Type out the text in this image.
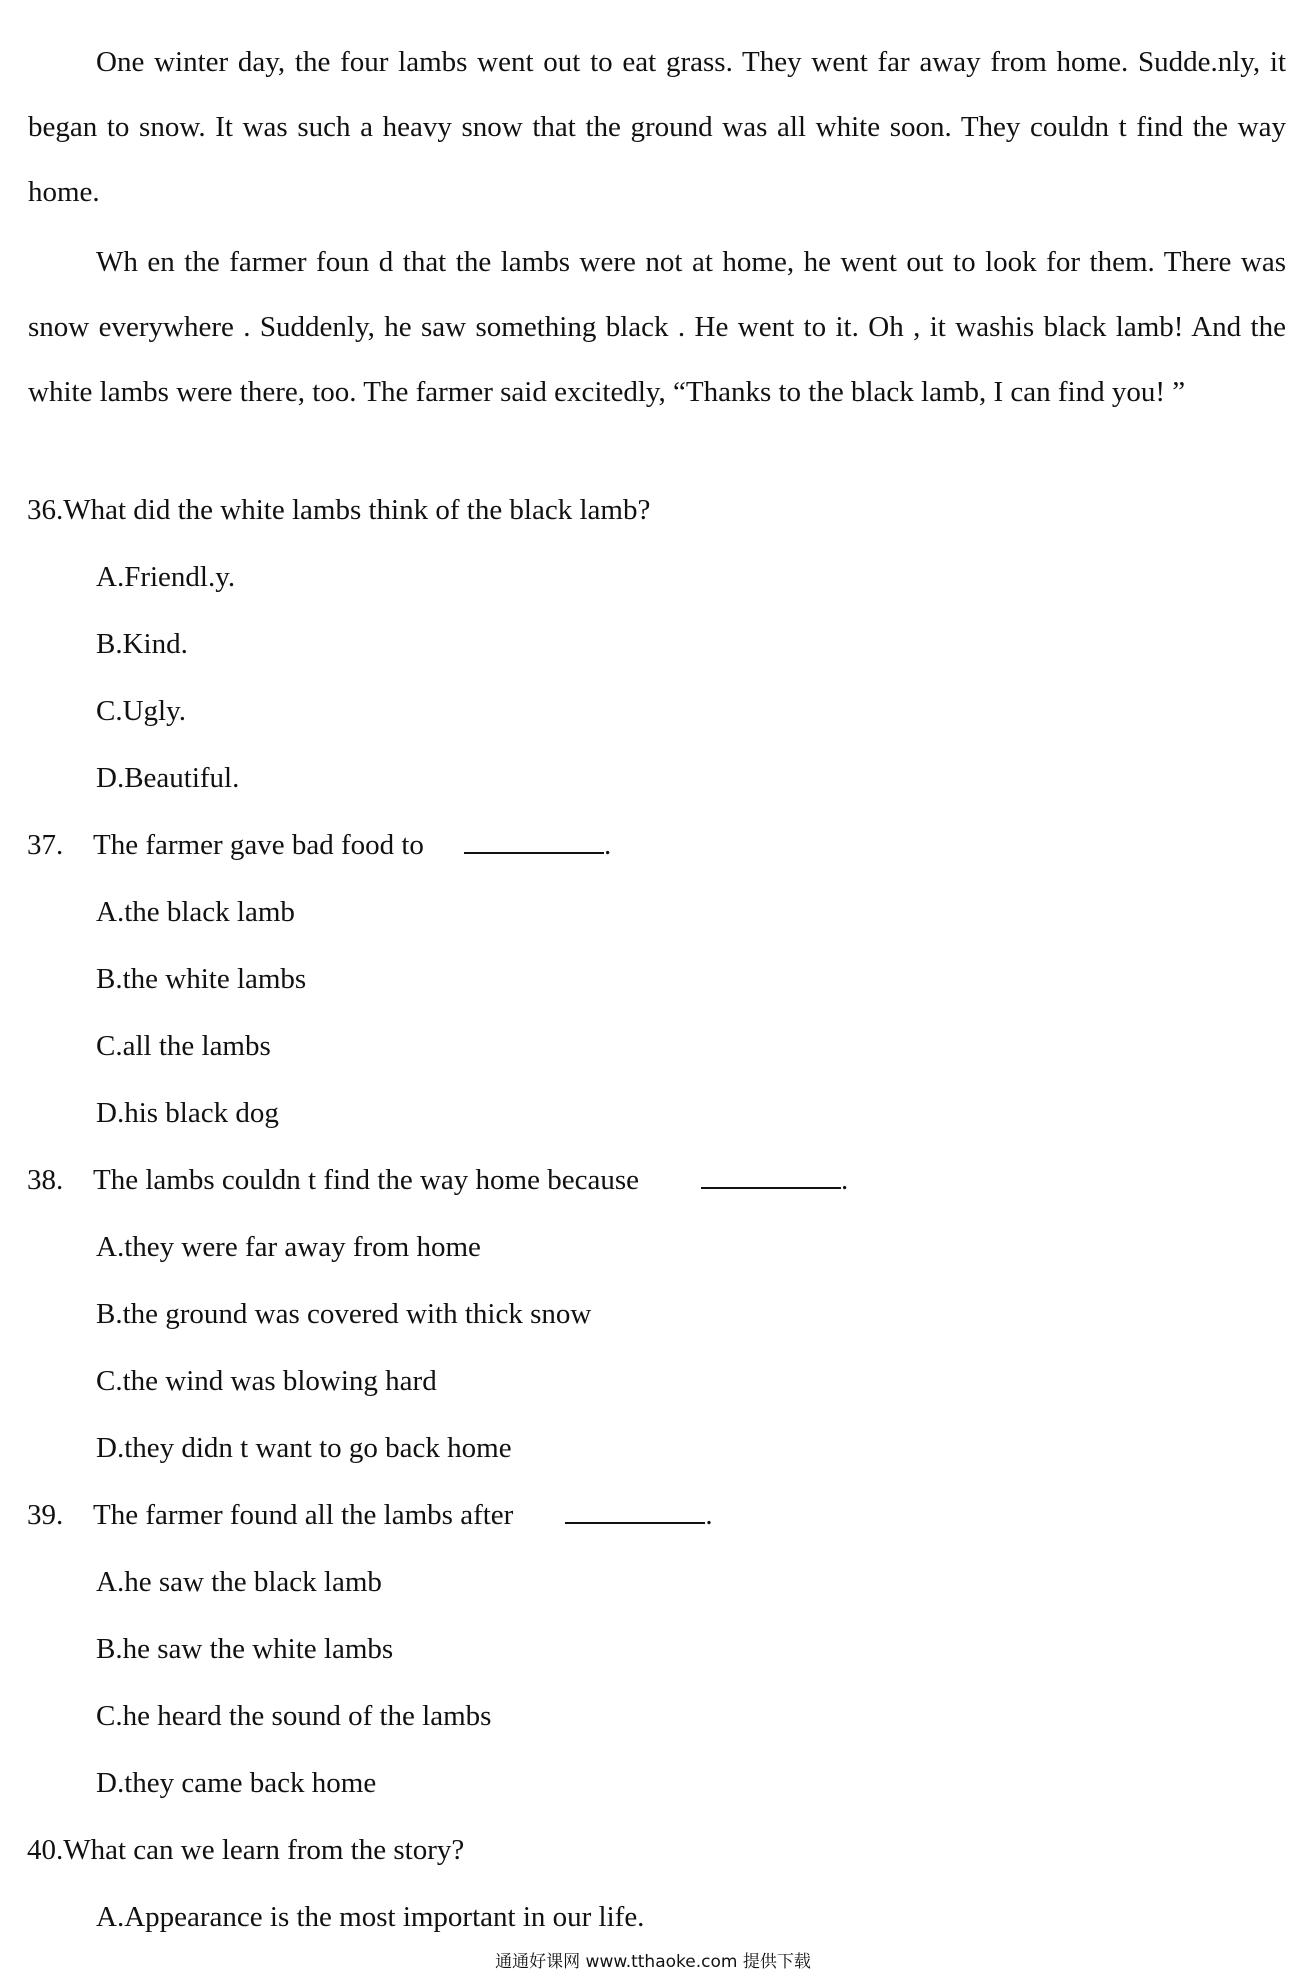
One winter day, the four lambs went out to eat grass. They went far away from home. Sudde.nly, it began to snow. It was such a heavy snow that the ground was all white soon. They couldn t find the way home.

Wh en the farmer foun d that the lambs were not at home, he went out to look for them. There was snow everywhere . Suddenly, he saw something black . He went to it. Oh , it washis black lamb! And the white lambs were there, too. The farmer said excitedly, “Thanks to the black lamb, I can find you! ”

36.What did the white lambs think of the black lamb?
A.Friendl.y.
B.Kind.
C.Ugly.
D.Beautiful.
37. The farmer gave bad food to	.
A.the black lamb
B.the white lambs
C.all the lambs
D.his black dog
38. The lambs couldn t find the way home because	.
A.they were far away from home
B.the ground was covered with thick snow
C.the wind was blowing hard
D.they didn t want to go back home
39. The farmer found all the lambs after	.
A.he saw the black lamb
B.he saw the white lambs
C.he heard the sound of the lambs
D.they came back home
40.What can we learn from the story?
A.Appearance is the most important in our life.
通通好课网 www.tthaoke.com 提供下载
